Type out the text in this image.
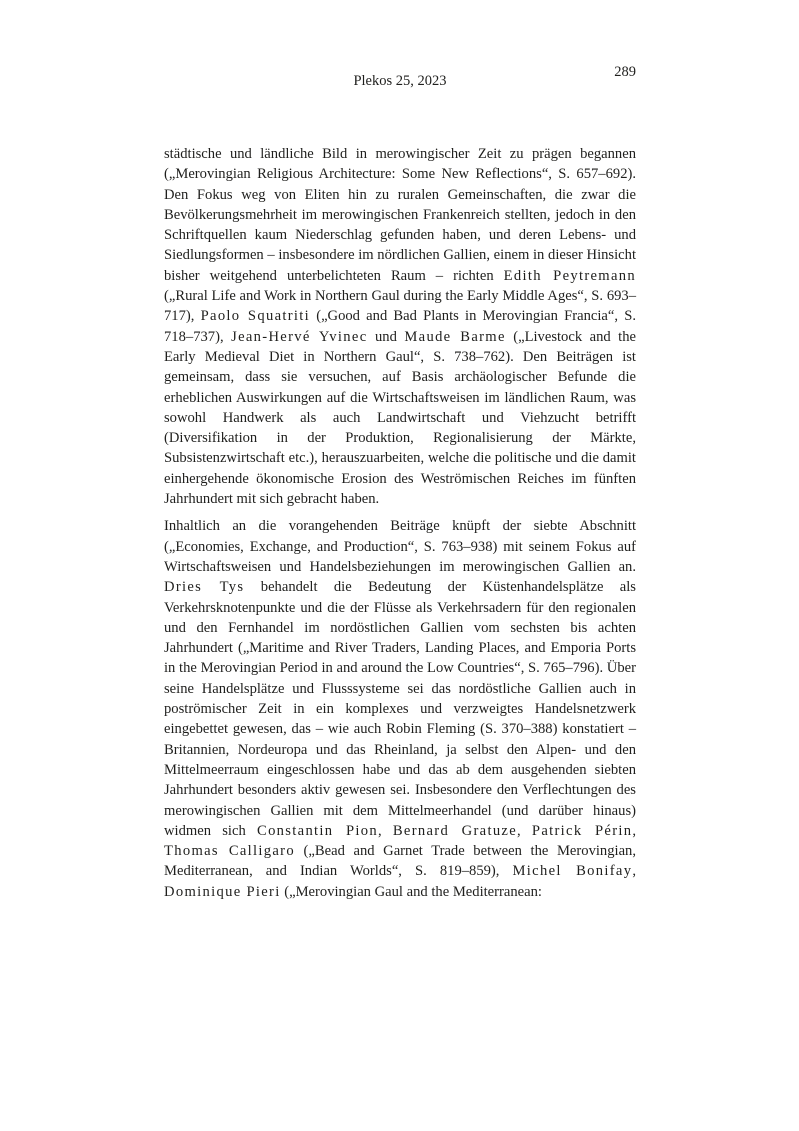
289
Plekos 25, 2023

städtische und ländliche Bild in merowingischer Zeit zu prägen begannen („Merovingian Religious Architecture: Some New Reflections“, S. 657–692). Den Fokus weg von Eliten hin zu ruralen Gemeinschaften, die zwar die Bevölkerungsmehrheit im merowingischen Frankenreich stellten, jedoch in den Schriftquellen kaum Niederschlag gefunden haben, und deren Lebens- und Siedlungsformen – insbesondere im nördlichen Gallien, einem in dieser Hinsicht bisher weitgehend unterbelichteten Raum – richten Edith Peytremann („Rural Life and Work in Northern Gaul during the Early Middle Ages“, S. 693–717), Paolo Squatriti („Good and Bad Plants in Merovingian Francia“, S. 718–737), Jean-Hervé Yvinec und Maude Barme („Livestock and the Early Medieval Diet in Northern Gaul“, S. 738–762). Den Beiträgen ist gemeinsam, dass sie versuchen, auf Basis archäologischer Befunde die erheblichen Auswirkungen auf die Wirtschaftsweisen im ländlichen Raum, was sowohl Handwerk als auch Landwirtschaft und Viehzucht betrifft (Diversifikation in der Produktion, Regionalisierung der Märkte, Subsistenzwirtschaft etc.), herauszuarbeiten, welche die politische und die damit einhergehende ökonomische Erosion des Weströmischen Reiches im fünften Jahrhundert mit sich gebracht haben.

Inhaltlich an die vorangehenden Beiträge knüpft der siebte Abschnitt („Economies, Exchange, and Production“, S. 763–938) mit seinem Fokus auf Wirtschaftsweisen und Handelsbeziehungen im merowingischen Gallien an. Dries Tys behandelt die Bedeutung der Küstenhandelsplätze als Verkehrsknotenpunkte und die der Flüsse als Verkehrsadern für den regionalen und den Fernhandel im nordöstlichen Gallien vom sechsten bis achten Jahrhundert („Maritime and River Traders, Landing Places, and Emporia Ports in the Merovingian Period in and around the Low Countries“, S. 765–796). Über seine Handelsplätze und Flusssysteme sei das nordöstliche Gallien auch in poströmischer Zeit in ein komplexes und verzweigtes Handelsnetzwerk eingebettet gewesen, das – wie auch Robin Fleming (S. 370–388) konstatiert – Britannien, Nordeuropa und das Rheinland, ja selbst den Alpen- und den Mittelmeerraum eingeschlossen habe und das ab dem ausgehenden siebten Jahrhundert besonders aktiv gewesen sei. Insbesondere den Verflechtungen des merowingischen Gallien mit dem Mittelmeerhandel (und darüber hinaus) widmen sich Constantin Pion, Bernard Gratuze, Patrick Périn, Thomas Calligaro („Bead and Garnet Trade between the Merovingian, Mediterranean, and Indian Worlds“, S. 819–859), Michel Bonifay, Dominique Pieri („Merovingian Gaul and the Mediterranean:
